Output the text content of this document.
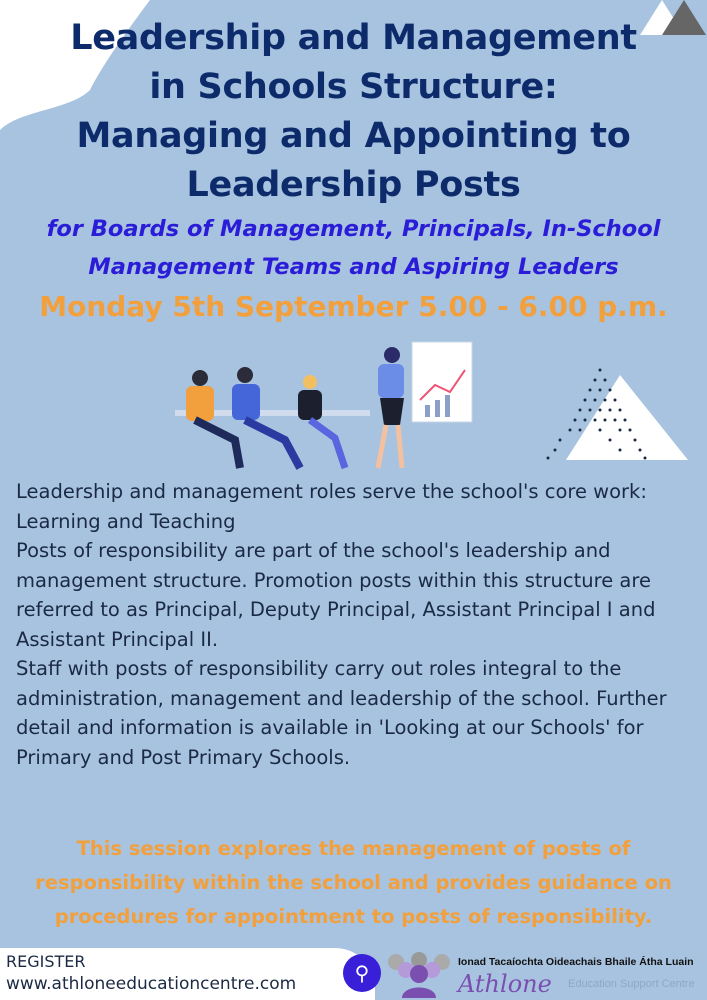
Leadership and Management
in Schools Structure:
Managing and Appointing to
Leadership Posts
for Boards of Management, Principals, In-School
Management Teams and Aspiring Leaders
Monday 5th September 5.00 - 6.00 p.m.

Leadership and management roles serve the school's core work: Learning and Teaching

Posts of responsibility are part of the school's leadership and management structure. Promotion posts within this structure are referred to as Principal, Deputy Principal, Assistant Principal I and Assistant Principal II.

Staff with posts of responsibility carry out roles integral to the administration, management and leadership of the school. Further detail and information is available in 'Looking at our Schools' for Primary and Post Primary Schools.

This session explores the management of posts of responsibility within the school and provides guidance on procedures for appointment to posts of responsibility.
REGISTER
www.athloneeducationcentre.com	⚲	Ionad Tacaíochta Oideachais Bhaile Átha Luain
Athlone Education Support Centre
